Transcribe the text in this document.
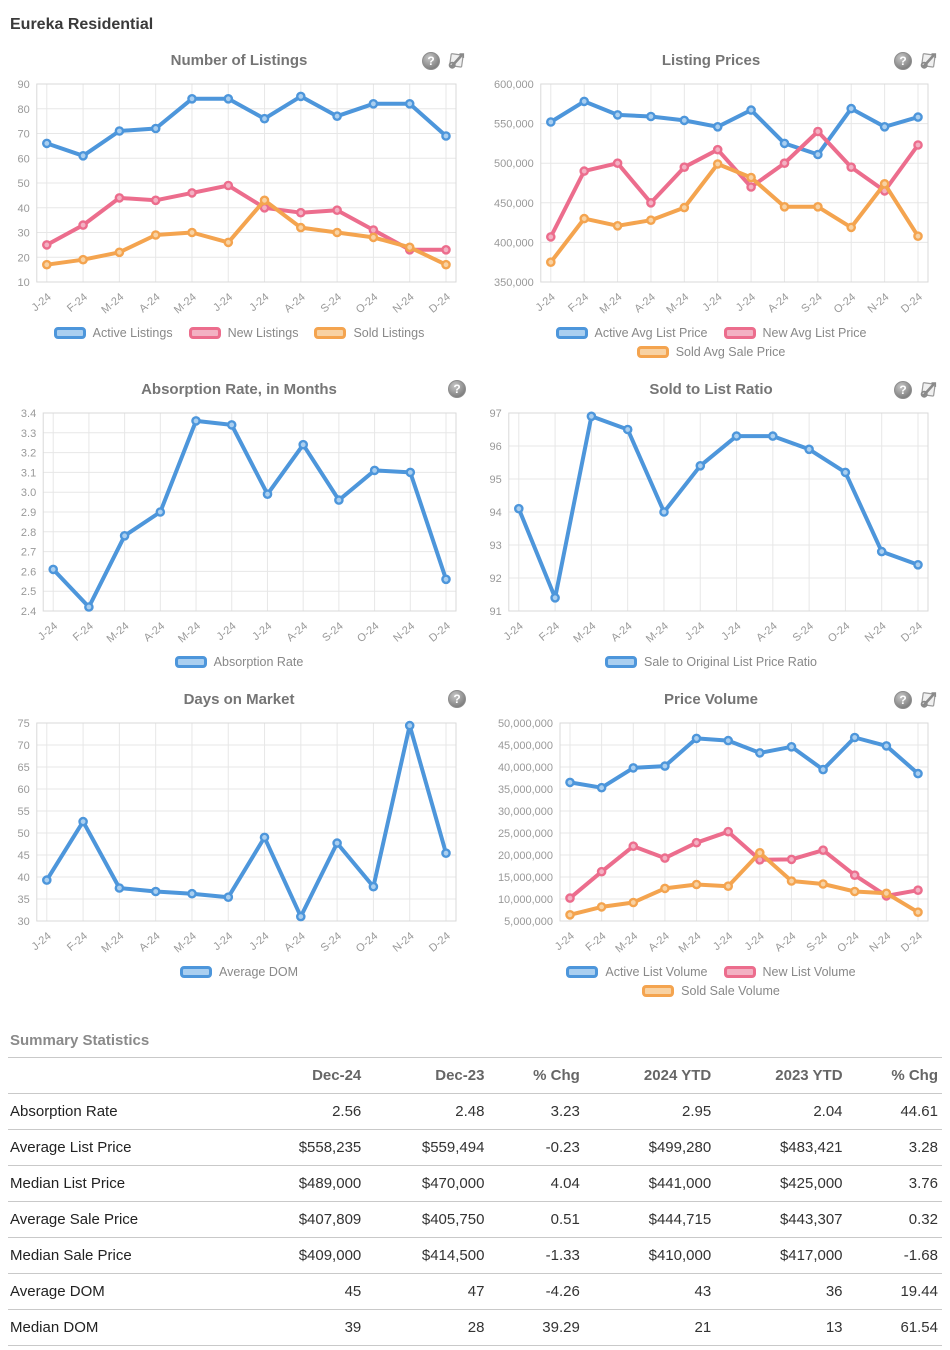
Eureka Residential
Number of Listings	?
10
20
30
40
50
60
70
80
90
J-24 F-24 M-24 A-24 M-24 J-24 J-24 A-24 S-24 O-24 N-24 D-24
Active Listings	New Listings	Sold Listings
Listing Prices	?
350,000
400,000
450,000
500,000
550,000
600,000
J-24 F-24 M-24 A-24 M-24 J-24 J-24 A-24 S-24 O-24 N-24 D-24
Active Avg List Price	New Avg List Price
Sold Avg Sale Price
Absorption Rate, in Months	?
2.4
2.5
2.6
2.7
2.8
2.9
3.0
3.1
3.2
3.3
3.4
J-24 F-24 M-24 A-24 M-24 J-24 J-24 A-24 S-24 O-24 N-24 D-24
Absorption Rate
Sold to List Ratio	?
91
92
93
94
95
96
97
J-24 F-24 M-24 A-24 M-24 J-24 J-24 A-24 S-24 O-24 N-24 D-24
Sale to Original List Price Ratio
Days on Market	?
30
35
40
45
50
55
60
65
70
75
J-24 F-24 M-24 A-24 M-24 J-24 J-24 A-24 S-24 O-24 N-24 D-24
Average DOM
Price Volume	?
5,000,000
10,000,000
15,000,000
20,000,000
25,000,000
30,000,000
35,000,000
40,000,000
45,000,000
50,000,000
J-24 F-24 M-24 A-24 M-24 J-24 J-24 A-24 S-24 O-24 N-24 D-24
Active List Volume	New List Volume
Sold Sale Volume
Summary Statistics
	Dec-24	Dec-23	% Chg	2024 YTD	2023 YTD	% Chg
Absorption Rate	2.56	2.48	3.23	2.95	2.04	44.61
Average List Price	$558,235	$559,494	-0.23	$499,280	$483,421	3.28
Median List Price	$489,000	$470,000	4.04	$441,000	$425,000	3.76
Average Sale Price	$407,809	$405,750	0.51	$444,715	$443,307	0.32
Median Sale Price	$409,000	$414,500	-1.33	$410,000	$417,000	-1.68
Average DOM	45	47	-4.26	43	36	19.44
Median DOM	39	28	39.29	21	13	61.54
